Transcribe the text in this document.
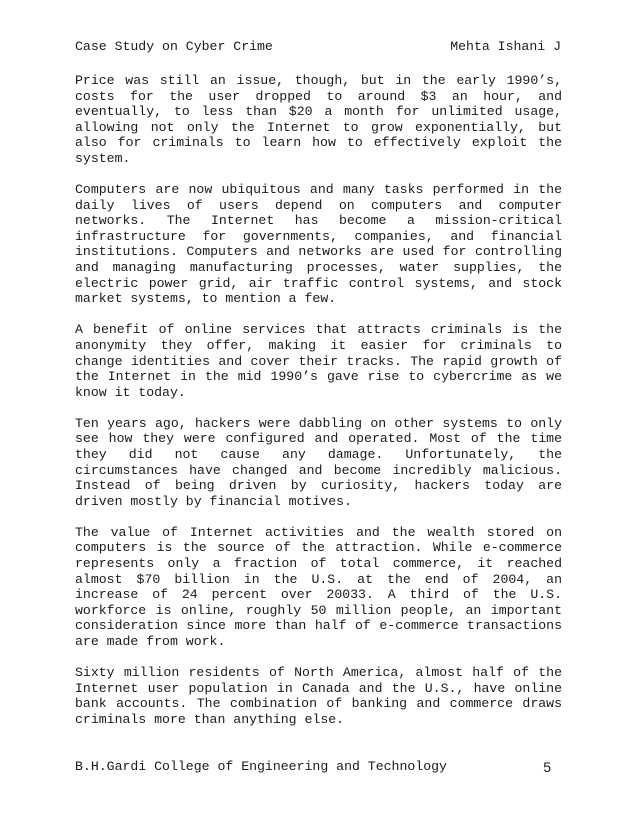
Case Study on Cyber Crime	Mehta Ishani J

Price was still an issue, though, but in the early 1990’s, costs for the user dropped to around $3 an hour, and eventually, to less than $20 a month for unlimited usage, allowing not only the Internet to grow exponentially, but also for criminals to learn how to effectively exploit the system.

Computers are now ubiquitous and many tasks performed in the daily lives of users depend on computers and computer networks. The Internet has become a mission-critical infrastructure for governments, companies, and financial institutions. Computers and networks are used for controlling and managing manufacturing processes, water supplies, the electric power grid, air traffic control systems, and stock market systems, to mention a few.

A benefit of online services that attracts criminals is the anonymity they offer, making it easier for criminals to change identities and cover their tracks. The rapid growth of the Internet in the mid 1990’s gave rise to cybercrime as we know it today.

Ten years ago, hackers were dabbling on other systems to only see how they were configured and operated. Most of the time they did not cause any damage. Unfortunately, the circumstances have changed and become incredibly malicious. Instead of being driven by curiosity, hackers today are driven mostly by financial motives.

The value of Internet activities and the wealth stored on computers is the source of the attraction. While e-commerce represents only a fraction of total commerce, it reached almost $70 billion in the U.S. at the end of 2004, an increase of 24 percent over 20033. A third of the U.S. workforce is online, roughly 50 million people, an important consideration since more than half of e-commerce transactions are made from work.

Sixty million residents of North America, almost half of the Internet user population in Canada and the U.S., have online bank accounts. The combination of banking and commerce draws criminals more than anything else.

B.H.Gardi College of Engineering and Technology	5
